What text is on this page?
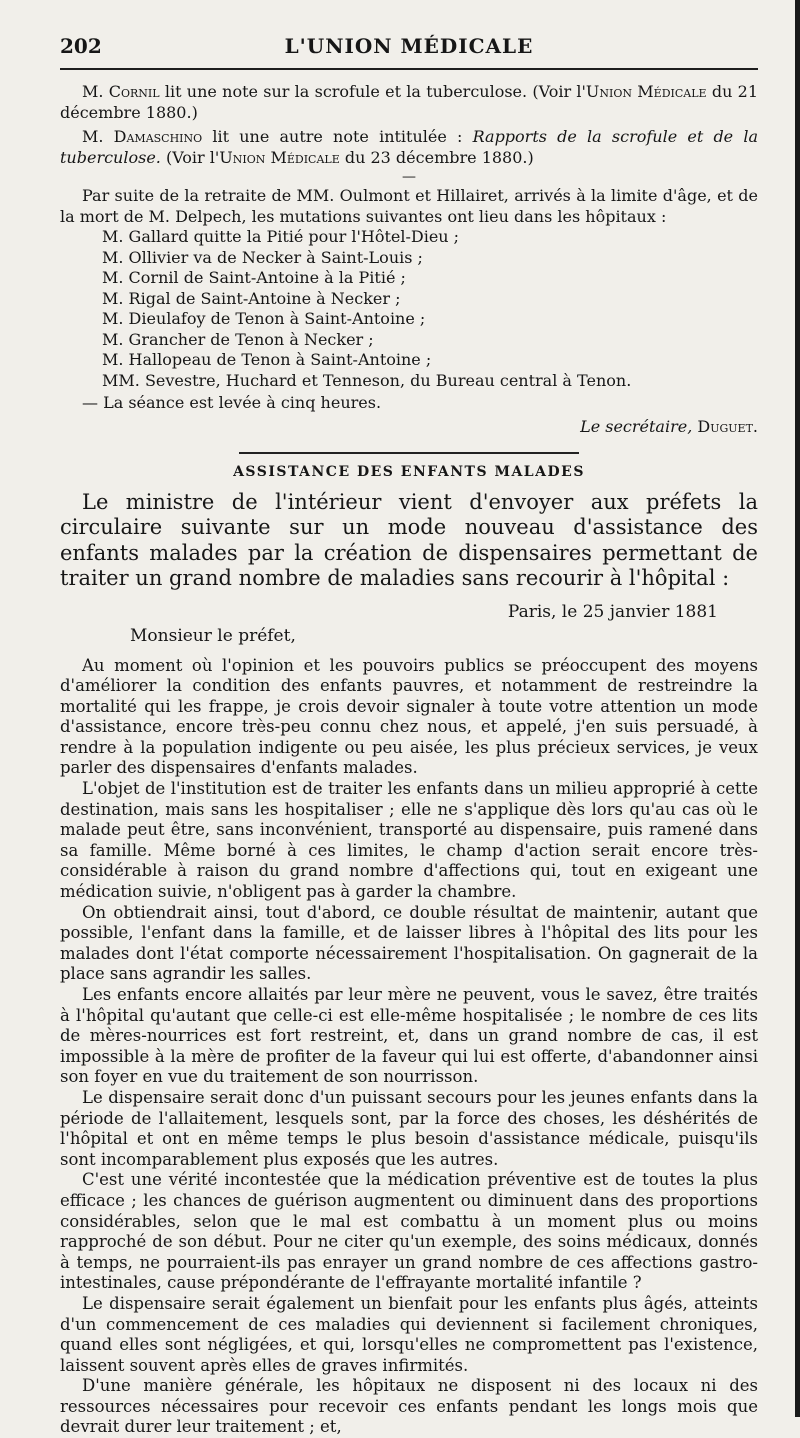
L'UNION MÉDICALE
202

M. Cornil lit une note sur la scrofule et la tuberculose. (Voir l'Union Médicale du 21 décembre 1880.)

M. Damaschino lit une autre note intitulée : Rapports de la scrofule et de la tuberculose. (Voir l'Union Médicale du 23 décembre 1880.)

—

Par suite de la retraite de MM. Oulmont et Hillairet, arrivés à la limite d'âge, et de la mort de M. Delpech, les mutations suivantes ont lieu dans les hôpitaux :

M. Gallard quitte la Pitié pour l'Hôtel-Dieu ;
M. Ollivier va de Necker à Saint-Louis ;
M. Cornil de Saint-Antoine à la Pitié ;
M. Rigal de Saint-Antoine à Necker ;
M. Dieulafoy de Tenon à Saint-Antoine ;
M. Grancher de Tenon à Necker ;
M. Hallopeau de Tenon à Saint-Antoine ;
MM. Sevestre, Huchard et Tenneson, du Bureau central à Tenon.

— La séance est levée à cinq heures.

Le secrétaire, Duguet.
ASSISTANCE DES ENFANTS MALADES

Le ministre de l'intérieur vient d'envoyer aux préfets la circulaire suivante sur un mode nouveau d'assistance des enfants malades par la création de dispensaires permettant de traiter un grand nombre de maladies sans recourir à l'hôpital :

Paris, le 25 janvier 1881
Monsieur le préfet,

Au moment où l'opinion et les pouvoirs publics se préoccupent des moyens d'améliorer la condition des enfants pauvres, et notamment de restreindre la mortalité qui les frappe, je crois devoir signaler à toute votre attention un mode d'assistance, encore très-peu connu chez nous, et appelé, j'en suis persuadé, à rendre à la population indigente ou peu aisée, les plus précieux services, je veux parler des dispensaires d'enfants malades.

L'objet de l'institution est de traiter les enfants dans un milieu approprié à cette destination, mais sans les hospitaliser ; elle ne s'applique dès lors qu'au cas où le malade peut être, sans inconvénient, transporté au dispensaire, puis ramené dans sa famille. Même borné à ces limites, le champ d'action serait encore très-considérable à raison du grand nombre d'affections qui, tout en exigeant une médication suivie, n'obligent pas à garder la chambre.

On obtiendrait ainsi, tout d'abord, ce double résultat de maintenir, autant que possible, l'enfant dans la famille, et de laisser libres à l'hôpital des lits pour les malades dont l'état comporte nécessairement l'hospitalisation. On gagnerait de la place sans agrandir les salles.

Les enfants encore allaités par leur mère ne peuvent, vous le savez, être traités à l'hôpital qu'autant que celle-ci est elle-même hospitalisée ; le nombre de ces lits de mères-nourrices est fort restreint, et, dans un grand nombre de cas, il est impossible à la mère de profiter de la faveur qui lui est offerte, d'abandonner ainsi son foyer en vue du traitement de son nourrisson.

Le dispensaire serait donc d'un puissant secours pour les jeunes enfants dans la période de l'allaitement, lesquels sont, par la force des choses, les déshérités de l'hôpital et ont en même temps le plus besoin d'assistance médicale, puisqu'ils sont incomparablement plus exposés que les autres.

C'est une vérité incontestée que la médication préventive est de toutes la plus efficace ; les chances de guérison augmentent ou diminuent dans des proportions considérables, selon que le mal est combattu à un moment plus ou moins rapproché de son début. Pour ne citer qu'un exemple, des soins médicaux, donnés à temps, ne pourraient-ils pas enrayer un grand nombre de ces affections gastro-intestinales, cause prépondérante de l'effrayante mortalité infantile ?

Le dispensaire serait également un bienfait pour les enfants plus âgés, atteints d'un commencement de ces maladies qui deviennent si facilement chroniques, quand elles sont négligées, et qui, lorsqu'elles ne compromettent pas l'existence, laissent souvent après elles de graves infirmités.

D'une manière générale, les hôpitaux ne disposent ni des locaux ni des ressources nécessaires pour recevoir ces enfants pendant les longs mois que devrait durer leur traitement ; et,
